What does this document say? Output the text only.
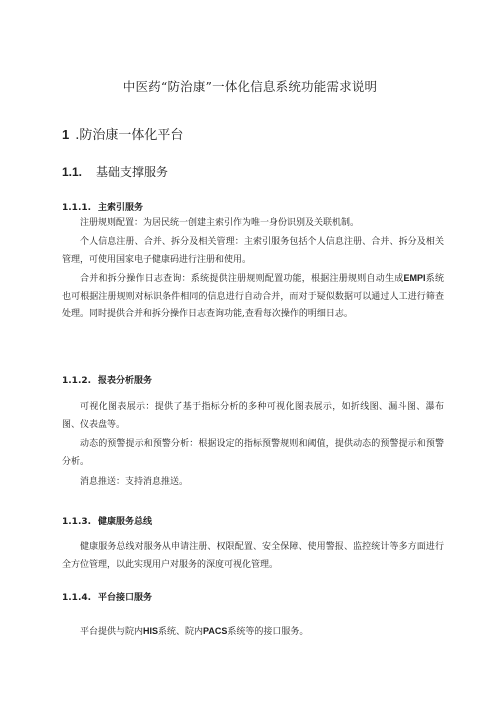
中医药“防治康”一体化信息系统功能需求说明
1 .防治康一体化平台
1.1. 基础支撑服务
1.1.1. 主索引服务

注册规则配置：为居民统一创建主索引作为唯一身份识别及关联机制。

个人信息注册、合并、拆分及相关管理：主索引服务包括个人信息注册、合并、拆分及相关管理，可使用国家电子健康码进行注册和使用。

合并和拆分操作日志查询：系统提供注册规则配置功能，根据注册规则自动生成EMPI系统也可根据注册规则对标识条件相同的信息进行自动合并，而对于疑似数据可以通过人工进行筛查处理。同时提供合并和拆分操作日志查询功能,查看每次操作的明细日志。

1.1.2. 报表分析服务

可视化图表展示：提供了基于指标分析的多种可视化图表展示，如折线图、漏斗图、瀑布图、仪表盘等。

动态的预警提示和预警分析：根据设定的指标预警规则和阈值，提供动态的预警提示和预警分析。

消息推送：支持消息推送。

1.1.3. 健康服务总线

健康服务总线对服务从申请注册、权限配置、安全保障、使用警报、监控统计等多方面进行全方位管理，以此实现用户对服务的深度可视化管理。

1.1.4. 平台接口服务

平台提供与院内HIS系统、院内PACS系统等的接口服务。
